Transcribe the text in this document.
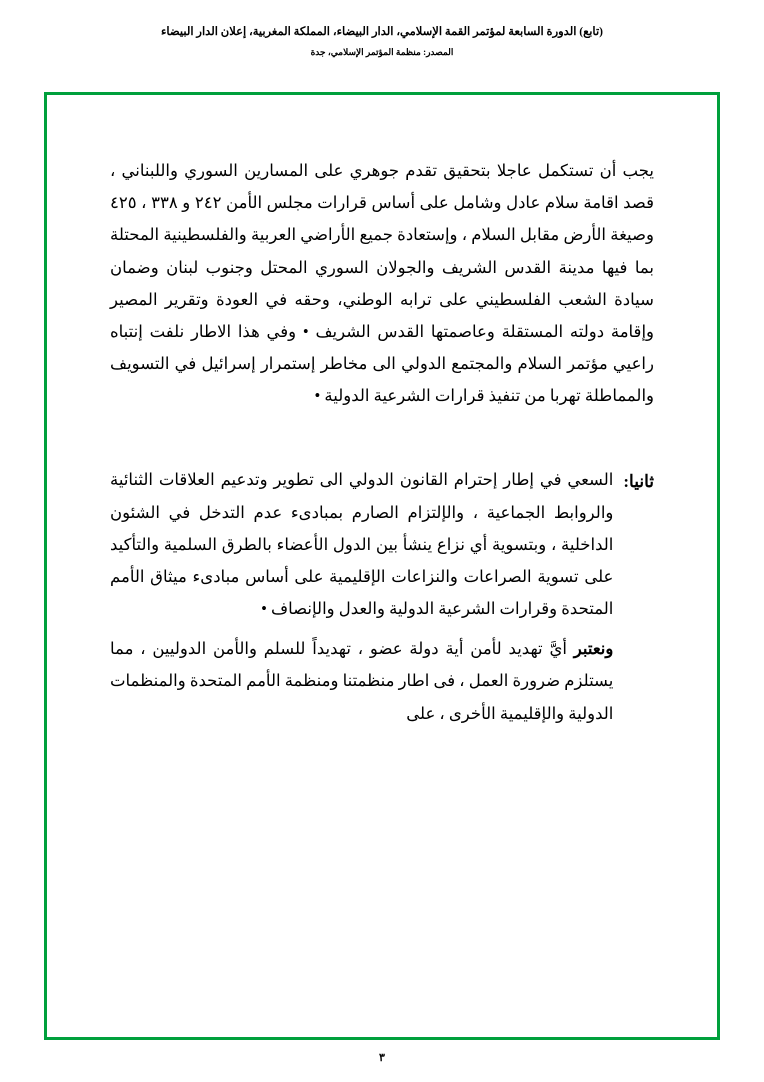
(تابع) الدورة السابعة لمؤتمر القمة الإسلامي، الدار البيضاء، المملكة المغربية، إعلان الدار البيضاء
المصدر: منظمة المؤتمر الإسلامي، جدة

يجب أن تستكمل عاجلا بتحقيق تقدم جوهري على المسارين السوري واللبناني ، قصد اقامة سلام عادل وشامل على أساس قرارات مجلس الأمن ٢٤٢ و ٣٣٨ ، ٤٢٥ وصيغة الأرض مقابل السلام ، وإستعادة جميع الأراضي العربية والفلسطينية المحتلة بما فيها مدينة القدس الشريف والجولان السوري المحتل وجنوب لبنان وضمان سيادة الشعب الفلسطيني على ترابه الوطني، وحقه في العودة وتقرير المصير وإقامة دولته المستقلة وعاصمتها القدس الشريف • وفي هذا الاطار نلفت إنتباه راعيي مؤتمر السلام والمجتمع الدولي الى مخاطر إستمرار إسرائيل في التسويف والمماطلة تهربا من تنفيذ قرارات الشرعية الدولية •

ثانيا:

السعي في إطار إحترام القانون الدولي الى تطوير وتدعيم العلاقات الثنائية والروابط الجماعية ، والإلتزام الصارم بمبادىء عدم التدخل في الشئون الداخلية ، وبتسوية أي نزاع ينشأ بين الدول الأعضاء بالطرق السلمية والتأكيد على تسوية الصراعات والنزاعات الإقليمية على أساس مبادىء ميثاق الأمم المتحدة وقرارات الشرعية الدولية والعدل والإنصاف •

ونعتبر أيَّ تهديد لأمن أية دولة عضو ، تهديداً للسلم والأمن الدوليين ، مما يستلزم ضرورة العمل ، فى اطار منظمتنا ومنظمة الأمم المتحدة والمنظمات الدولية والإقليمية الأخرى ، على

٣
